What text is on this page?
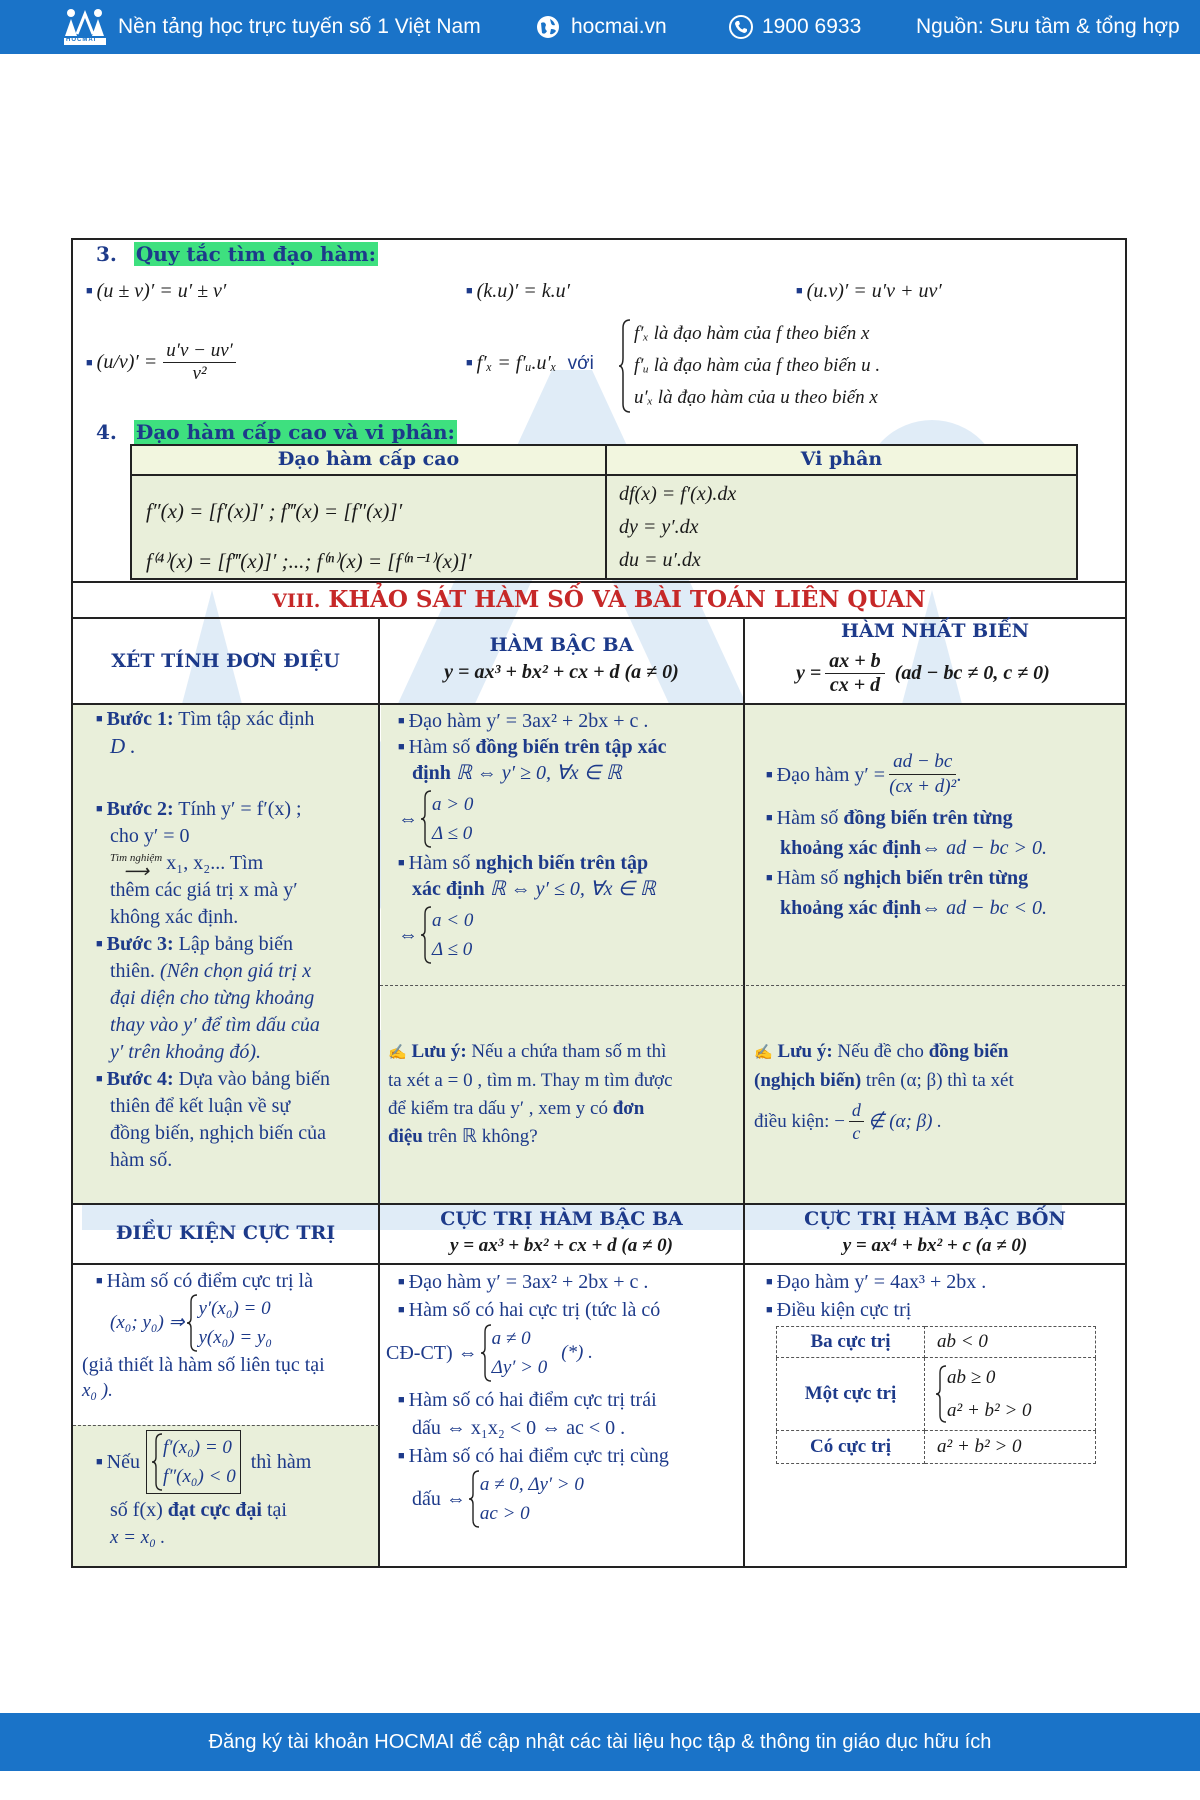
HOCMAI
Nền tảng học trực tuyến số 1 Việt Nam	hocmai.vn	1900 6933	Nguồn: Sưu tầm & tổng hợp
3. Quy tắc tìm đạo hàm:
■ (u ± v)′ = u′ ± v′	■ (k.u)′ = k.u′	■ (u.v)′ = u′v + uv′
■ $(u/v)' = \frac{u'v - uv'}{\text{v²}}$	■ f′ₓ = f′ᵤ.u′ₓ với
f′ₓ là đạo hàm của f theo biến x
f′ᵤ là đạo hàm của f theo biến u .
u′ₓ là đạo hàm của u theo biến x
4. Đạo hàm cấp cao và vi phân:
Đạo hàm cấp cao	Vi phân
f″(x) = [f′(x)]′ ; f‴(x) = [f″(x)]′
f⁽⁴⁾(x) = [f‴(x)]′ ;...; f⁽ⁿ⁾(x) = [f⁽ⁿ⁻¹⁾(x)]′
df(x) = f′(x).dx
dy = y′.dx
du = u′.dx
VIII. KHẢO SÁT HÀM SỐ VÀ BÀI TOÁN LIÊN QUAN
XÉT TÍNH ĐƠN ĐIỆU
HÀM BẬC BA
y = ax³ + bx² + cx + d (a ≠ 0)
HÀM NHẤT BIẾN
$y = \frac{ax + b}{cx + d} (ad$ − bc ≠ 0, c ≠ 0)
■ Bước 1: Tìm tập xác định
D .
■ Bước 2: Tính y′ = f′(x) ;
cho y′ = 0
Tìm nghiệm
⟶ x₁, x₂... Tìm
thêm các giá trị x mà y′
không xác định.
■ Bước 3: Lập bảng biến
thiên. (Nên chọn giá trị x
đại diện cho từng khoảng
thay vào y′ để tìm dấu của
y′ trên khoảng đó).
■ Bước 4: Dựa vào bảng biến
thiên để kết luận về sự
đồng biến, nghịch biến của
hàm số.
■ Đạo hàm y′ = 3ax² + 2bx + c .
■ Hàm số đồng biến trên tập xác
định ℝ ⇔ y′ ≥ 0, ∀x ∈ ℝ
⇔
a > 0
Δ ≤ 0
■ Hàm số nghịch biến trên tập
xác định ℝ ⇔ y′ ≤ 0, ∀x ∈ ℝ
⇔
a < 0
Δ ≤ 0
✍ Lưu ý: Nếu a chứa tham số m thì
ta xét a = 0 , tìm m. Thay m tìm được
để kiểm tra dấu y′ , xem y có đơn
điệu trên ℝ không?
■ Đạo hàm $y' = \frac{ad - bc}{\text{(cx + d)²}}$ .
■ Hàm số đồng biến trên từng
khoảng xác định⇔ ad − bc > 0.
■ Hàm số nghịch biến trên từng
khoảng xác định⇔ ad − bc < 0.
✍ Lưu ý: Nếu đề cho đồng biến
(nghịch biến) trên (α; β) thì ta xét
điều kiện: − $\frac{d}{c}$ ∉ (α; β) .
ĐIỀU KIỆN CỰC TRỊ
CỰC TRỊ HÀM BẬC BA
y = ax³ + bx² + cx + d (a ≠ 0)
CỰC TRỊ HÀM BẬC BỐN
y = ax⁴ + bx² + c (a ≠ 0)
■ Hàm số có điểm cực trị là
(x₀; y₀) ⇒
y′(x₀) = 0
y(x₀) = y₀
(giả thiết là hàm số liên tục tại
x₀ ).
■ Nếu
f′(x₀) = 0
f″(x₀) < 0
thì hàm
số f(x) đạt cực đại tại
x = x₀ .
■ Đạo hàm y′ = 3ax² + 2bx + c .
■ Hàm số có hai cực trị (tức là có
CĐ-CT) ⇔
a ≠ 0
Δy′ > 0
(*) .
■ Hàm số có hai điểm cực trị trái
dấu ⇔ x₁x₂ < 0 ⇔ ac < 0 .
■ Hàm số có hai điểm cực trị cùng
dấu ⇔
a ≠ 0, Δy′ > 0
ac > 0
■ Đạo hàm y′ = 4ax³ + 2bx .
■ Điều kiện cực trị
Ba cực trị	ab < 0
Một cực trị	ab ≥ 0
a² + b² > 0

Có cực trị	a² + b² > 0
Đăng ký tài khoản HOCMAI để cập nhật các tài liệu học tập & thông tin giáo dục hữu ích
